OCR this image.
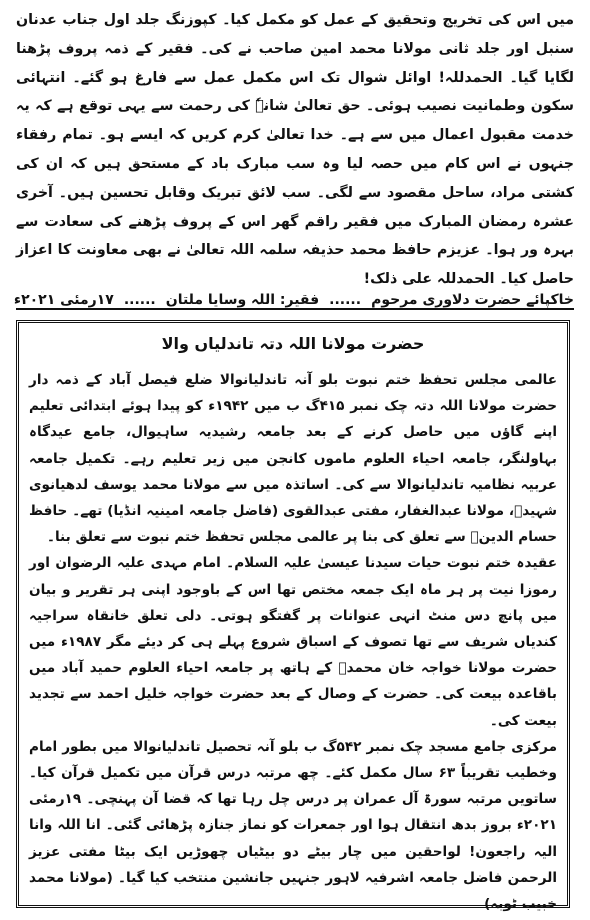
میں اس کی تخریج وتحقیق کے عمل کو مکمل کیا۔ کپوزنگ جلد اول جناب عدنان سنبل اور جلد ثانی مولانا محمد امین صاحب نے کی۔ فقیر کے ذمہ پروف پڑھنا لگایا گیا۔ الحمدللہ! اوائل شوال تک اس مکمل عمل سے فارغ ہو گئے۔ انتہائی سکون وطمانیت نصیب ہوئی۔ حق تعالیٰ شانہٗ کی رحمت سے یہی توقع ہے کہ یہ خدمت مقبول اعمال میں سے ہے۔ خدا تعالیٰ کرم کریں کہ ایسے ہو۔ تمام رفقاء جنہوں نے اس کام میں حصہ لیا وہ سب مبارک باد کے مستحق ہیں کہ ان کی کشتی مراد، ساحل مقصود سے لگی۔ سب لائق تبریک وقابل تحسین ہیں۔ آخری عشرہ رمضان المبارک میں فقیر راقم گھر اس کے پروف پڑھنے کی سعادت سے بہرہ ور ہوا۔ عزیزم حافظ محمد حذیفہ سلمہ اللہ تعالیٰ نے بھی معاونت کا اعزاز حاصل کیا۔ الحمدللہ علی ذلک!

خاکپائے حضرت دلاوری مرحوم
......
فقیر: اللہ وسایا ملتان
......
۱۷رمئی ۲۰۲۱ء
حضرت مولانا اللہ دتہ تاندلیاں والا

عالمی مجلس تحفظ ختم نبوت بلو آنہ تاندلیانوالا ضلع فیصل آباد کے ذمہ دار حضرت مولانا اللہ دتہ چک نمبر ۴۱۵گ ب میں ۱۹۴۲ء کو پیدا ہوئے ابتدائی تعلیم اپنے گاؤں میں حاصل کرنے کے بعد جامعہ رشیدیہ ساہیوال، جامع عیدگاہ بہاولنگر، جامعہ احیاء العلوم ماموں کانجن میں زیر تعلیم رہے۔ تکمیل جامعہ عربیہ نظامیہ تاندلیانوالا سے کی۔ اساتذہ میں سے مولانا محمد یوسف لدھیانوی شہیدؒ، مولانا عبدالغفار، مفتی عبدالقوی (فاضل جامعہ امینیہ انڈیا) تھے۔ حافظ حسام الدینؒ سے تعلق کی بنا پر عالمی مجلس تحفظ ختم نبوت سے تعلق بنا۔

عقیدہ ختم نبوت حیات سیدنا عیسیٰ علیہ السلام۔ امام مہدی علیہ الرضوان اور رموزا نیت پر ہر ماہ ایک جمعہ مختص تھا اس کے باوجود اپنی ہر تقریر و بیان میں پانچ دس منٹ انہی عنوانات پر گفتگو ہوتی۔ دلی تعلق خانقاہ سراجیہ کندیاں شریف سے تھا تصوف کے اسباق شروع پہلے ہی کر دیئے مگر ۱۹۸۷ء میں حضرت مولانا خواجہ خان محمدؒ کے ہاتھ پر جامعہ احیاء العلوم حمید آباد میں باقاعدہ بیعت کی۔ حضرت کے وصال کے بعد حضرت خواجہ خلیل احمد سے تجدید بیعت کی۔

مرکزی جامع مسجد چک نمبر ۵۴۲گ ب بلو آنہ تحصیل تاندلیانوالا میں بطور امام وخطیب تقریباً ۶۳ سال مکمل کئے۔ چھ مرتبہ درس قرآن میں تکمیل قرآن کیا۔ ساتویں مرتبہ سورۃ آل عمران پر درس چل رہا تھا کہ قضا آن پہنچی۔ ۱۹رمئی ۲۰۲۱ء بروز بدھ انتقال ہوا اور جمعرات کو نماز جنازہ پڑھائی گئی۔ انا اللہ وانا الیہ راجعون! لواحقین میں چار بیٹے دو بیٹیاں چھوڑیں ایک بیٹا مفتی عزیز الرحمن فاضل جامعہ اشرفیہ لاہور جنہیں جانشین منتخب کیا گیا۔ (مولانا محمد خبیب ٹوبہ)
